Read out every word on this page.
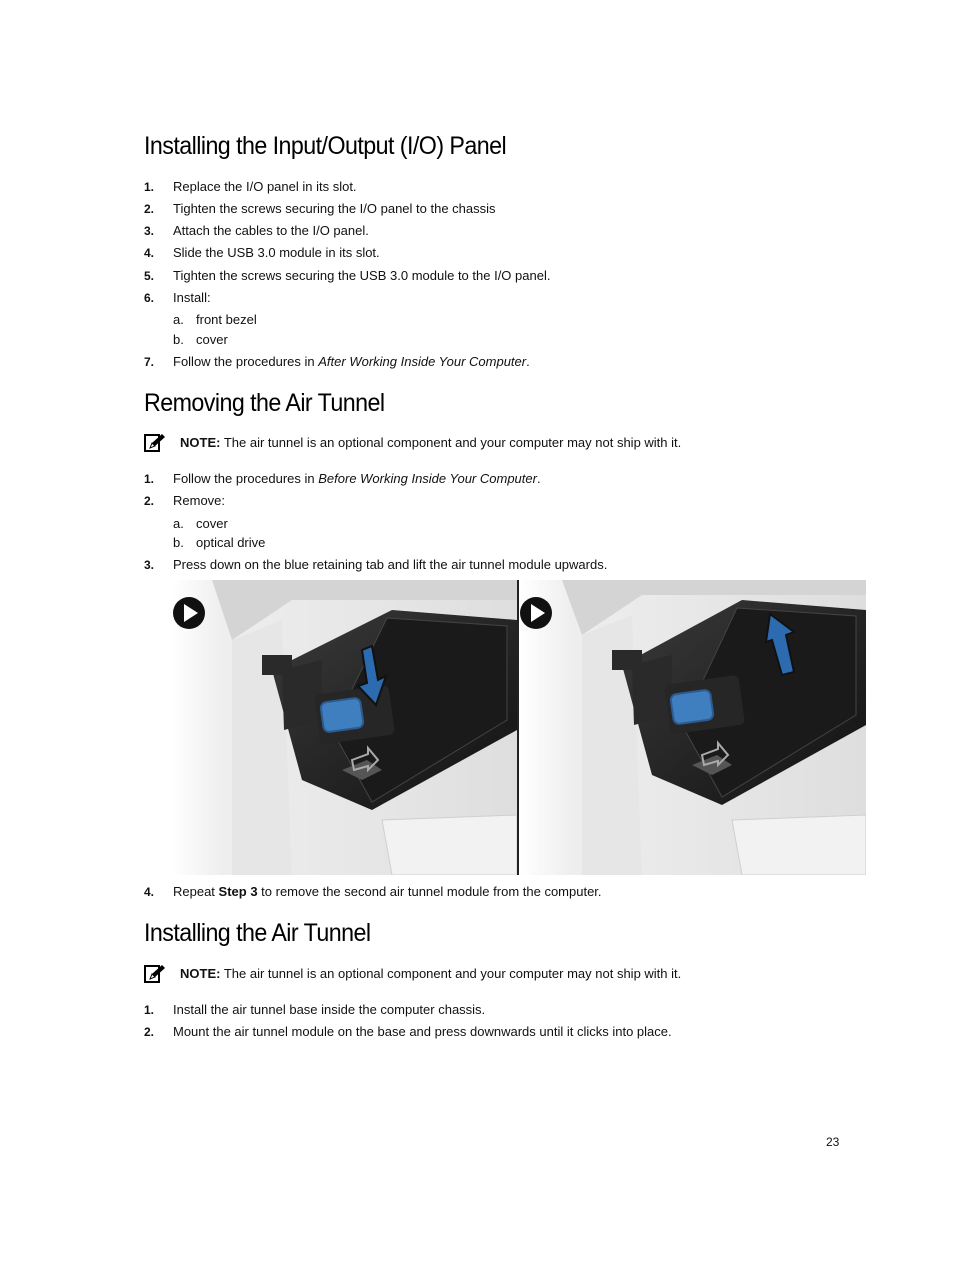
Installing the Input/Output (I/O) Panel
1. Replace the I/O panel in its slot.
2. Tighten the screws securing the I/O panel to the chassis
3. Attach the cables to the I/O panel.
4. Slide the USB 3.0 module in its slot.
5. Tighten the screws securing the USB 3.0 module to the I/O panel.
6. Install:
a. front bezel
b. cover
7. Follow the procedures in After Working Inside Your Computer.
Removing the Air Tunnel
NOTE: The air tunnel is an optional component and your computer may not ship with it.
1. Follow the procedures in Before Working Inside Your Computer.
2. Remove:
a. cover
b. optical drive
3. Press down on the blue retaining tab and lift the air tunnel module upwards.
4. Repeat Step 3 to remove the second air tunnel module from the computer.
Installing the Air Tunnel
NOTE: The air tunnel is an optional component and your computer may not ship with it.
1. Install the air tunnel base inside the computer chassis.
2. Mount the air tunnel module on the base and press downwards until it clicks into place.
23
